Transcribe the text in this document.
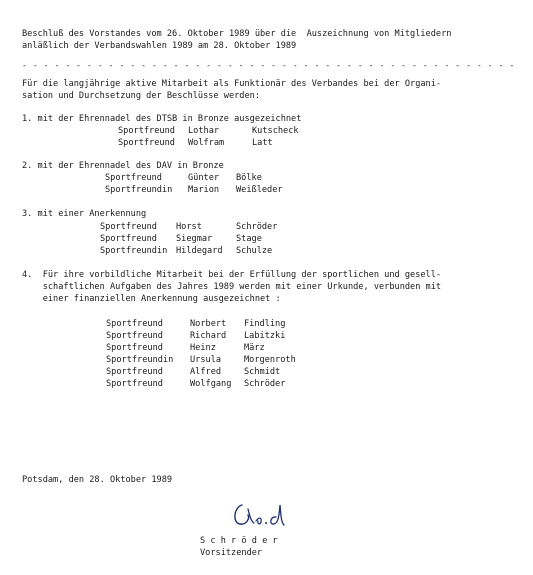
Beschluß des Vorstandes vom 26. Oktober 1989 über die  Auszeichnung von Mitgliedern
anläßlich der Verbandswahlen 1989 am 28. Oktober 1989
- - - - - - - - - - - - - - - - - - - - - - - - - - - - - - - - - - - - - - - - - - - - - -
Für die langjährige aktive Mitarbeit als Funktionär des Verbandes bei der Organi-
sation und Durchsetzung der Beschlüsse werden:
1. mit der Ehrennadel des DTSB in Bronze ausgezeichnet
Sportfreund Lothar	Kutscheck
Sportfreund Wolfram	Latt
2. mit der Ehrennadel des DAV in Bronze
Sportfreund	Günter Bölke
Sportfreundin Marion Weißleder
3. mit einer Anerkennung
Sportfreund Horst	Schröder
Sportfreund Siegmar	Stage
Sportfreundin Hildegard Schulze
4.  Für ihre vorbildliche Mitarbeit bei der Erfüllung der sportlichen und gesell-
schaftlichen Aufgaben des Jahres 1989 werden mit einer Urkunde, verbunden mit
einer finanziellen Anerkennung ausgezeichnet :
Sportfreund	Norbert Findling
Sportfreund	Richard Labitzki
Sportfreund	Heinz	März
Sportfreundin Ursula	Morgenroth
Sportfreund	Alfred	Schmidt
Sportfreund	Wolfgang Schröder
Potsdam, den 28. Oktober 1989
S c h r ö d e r
Vorsitzender
